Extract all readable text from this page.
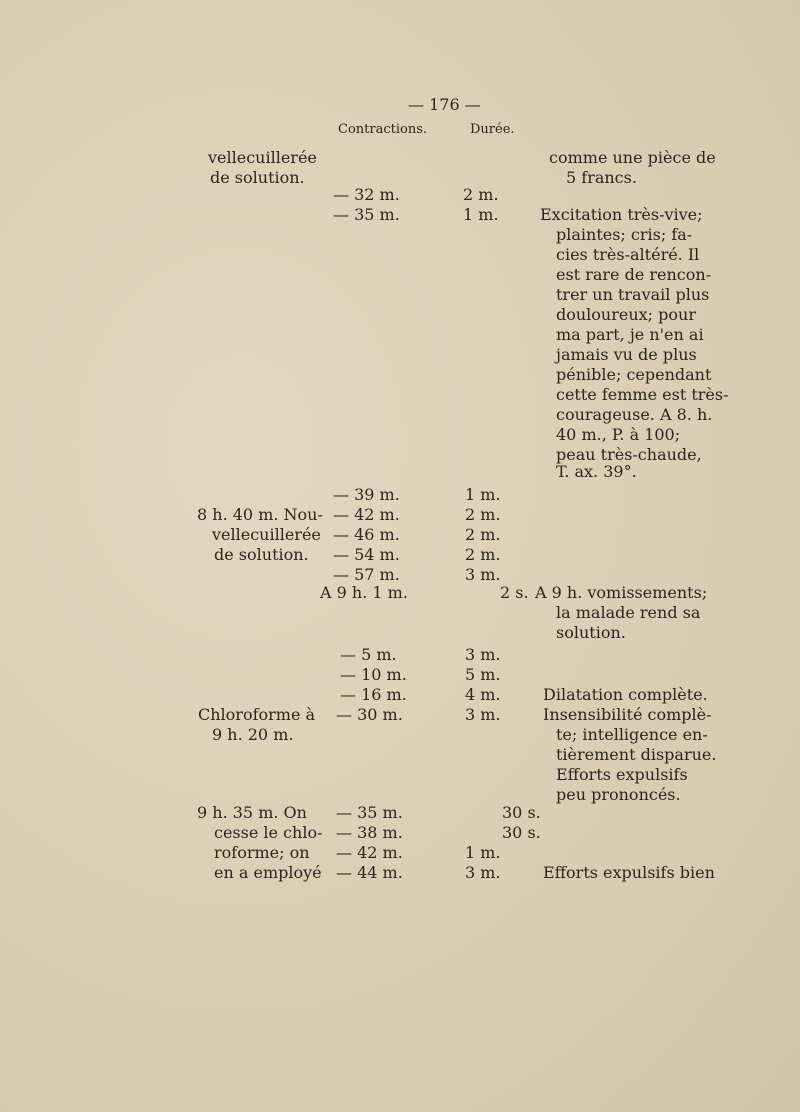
— 176 —
Contractions.	Durée.
vellecuillerée
de solution.
8 h. 40 m. Nou-
vellecuillerée
de solution.
Chloroforme à
9 h. 20 m.
9 h. 35 m. On
cesse le chlo-
roforme; on
en a employé
— 32 m.
— 35 m.
— 39 m.
— 42 m.
— 46 m.
— 54 m.
— 57 m.
A 9 h. 1 m.
— 5 m.
— 10 m.
— 16 m.
— 30 m.
— 35 m.
— 38 m.
— 42 m.
— 44 m.
2 m.
1 m.
1 m.
2 m.
2 m.
2 m.
3 m.
2 s.
3 m.
5 m.
4 m.
3 m.
30 s.
30 s.
1 m.
3 m.
comme une pièce de
5 francs.
Excitation très-vive;
plaintes; cris; fa-
cies très-altéré. Il
est rare de rencon-
trer un travail plus
douloureux; pour
ma part, je n'en ai
jamais vu de plus
pénible; cependant
cette femme est très-
courageuse. A 8. h.
40 m., P. à 100;
peau très-chaude,
T. ax. 39°.
A 9 h. vomissements;
la malade rend sa
solution.
Dilatation complète.
Insensibilité complè-
te; intelligence en-
tièrement disparue.
Efforts expulsifs
peu prononcés.
Efforts expulsifs bien
